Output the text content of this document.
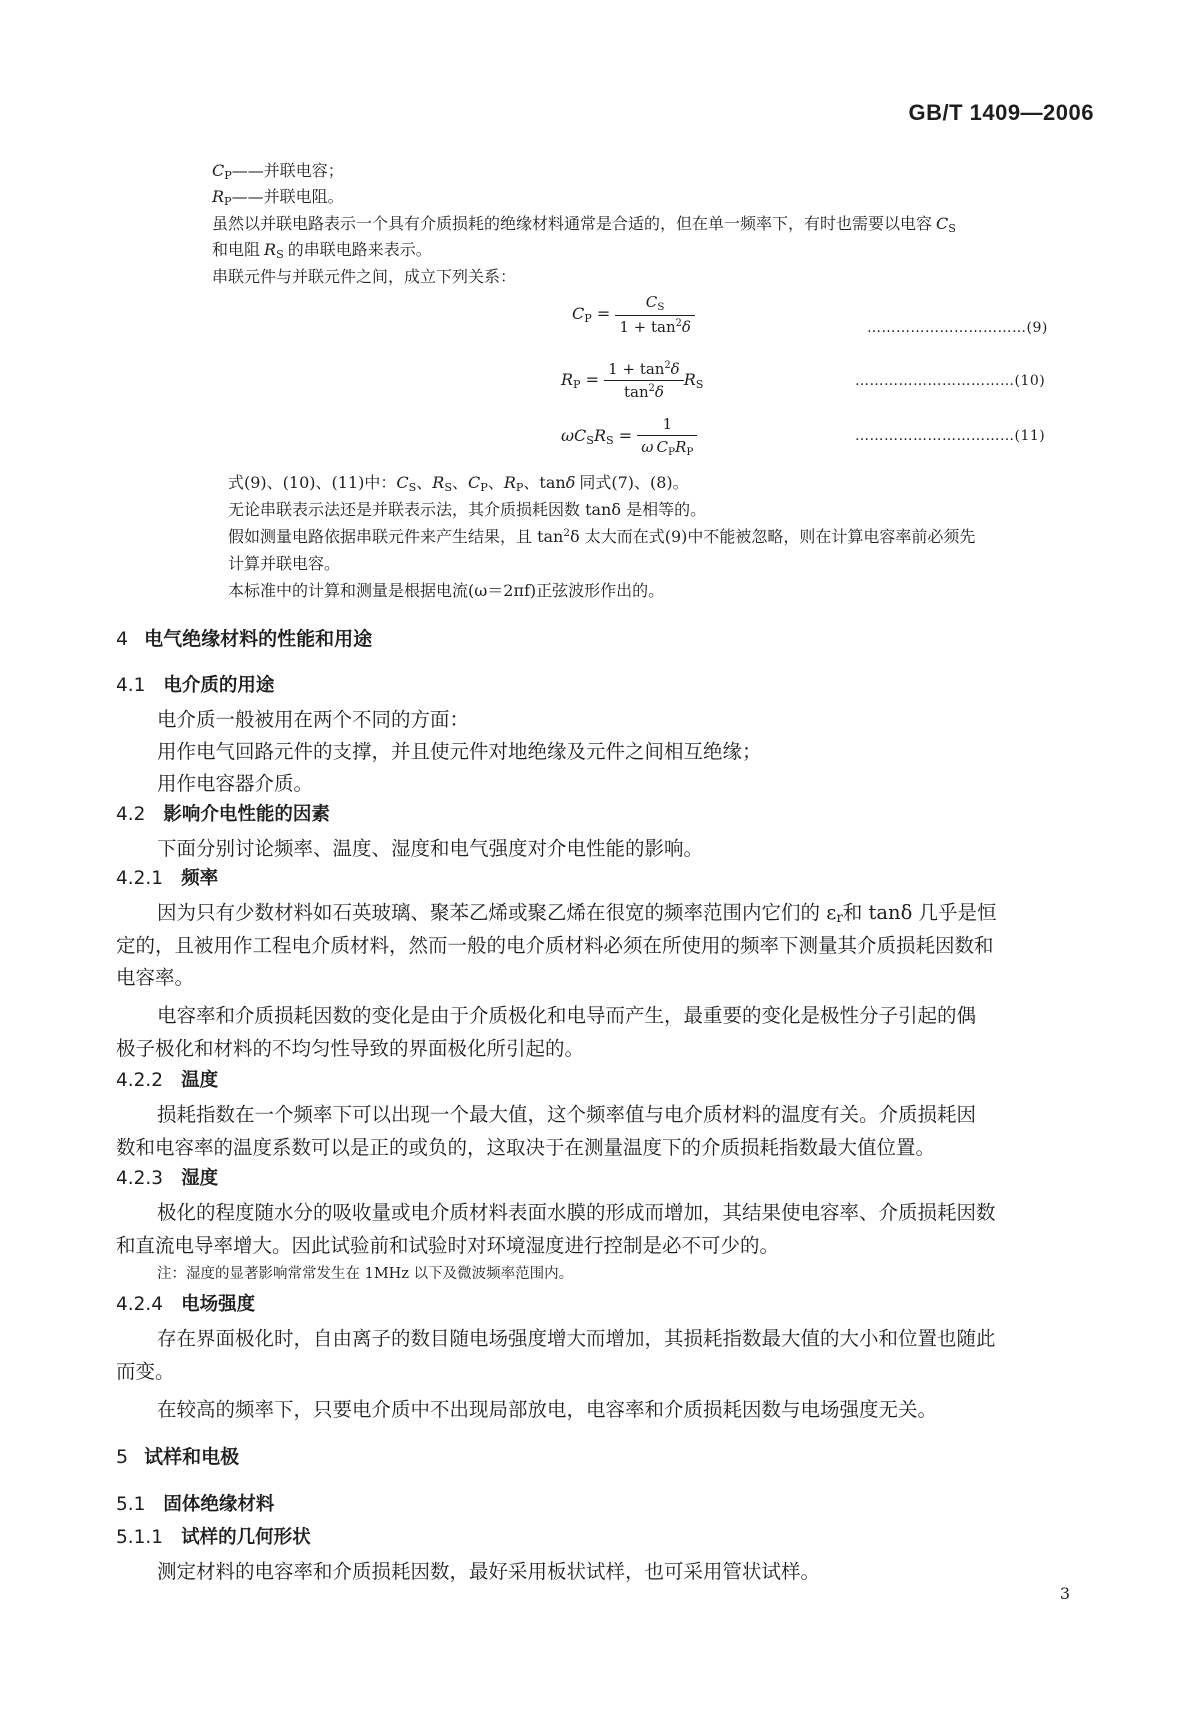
GB/T 1409—2006
$C_P——$并联电容；
$R_P——$并联电阻。
虽然以并联电路表示一个具有介质损耗的绝缘材料通常是合适的，但在单一频率下，有时也需要以电容 $C_S$
和电阻 $R_S$ 的串联电路来表示。
串联元件与并联元件之间，成立下列关系：
$C_P = \frac{C_S}{1 + \tan^2\delta}$	……………………………(9)
$R_P = \frac{1 + \tan^2\delta}{\tan^2\delta} R_S$	……………………………(10)
$\omega C_SR_S = \frac{1}{\omega C_PR_P}$	……………………………(11)
式(9)、(10)、(11)中：$C_S$、$R_S$、$C_P$、$R_P$、tanδ 同式(7)、(8)。
无论串联表示法还是并联表示法，其介质损耗因数 tanδ 是相等的。
假如测量电路依据串联元件来产生结果，且 $\tan^2\delta$ 太大而在式(9)中不能被忽略，则在计算电容率前必须先
计算并联电容。
本标准中的计算和测量是根据电流(ω＝2πf)正弦波形作出的。
4 电气绝缘材料的性能和用途
4.1 电介质的用途
电介质一般被用在两个不同的方面：
用作电气回路元件的支撑，并且使元件对地绝缘及元件之间相互绝缘；
用作电容器介质。
4.2 影响介电性能的因素
下面分别讨论频率、温度、湿度和电气强度对介电性能的影响。
4.2.1 频率
因为只有少数材料如石英玻璃、聚苯乙烯或聚乙烯在很宽的频率范围内它们的 $\varepsilon_r$和 tanδ 几乎是恒
定的，且被用作工程电介质材料，然而一般的电介质材料必须在所使用的频率下测量其介质损耗因数和
电容率。
电容率和介质损耗因数的变化是由于介质极化和电导而产生，最重要的变化是极性分子引起的偶
极子极化和材料的不均匀性导致的界面极化所引起的。
4.2.2 温度
损耗指数在一个频率下可以出现一个最大值，这个频率值与电介质材料的温度有关。介质损耗因
数和电容率的温度系数可以是正的或负的，这取决于在测量温度下的介质损耗指数最大值位置。
4.2.3 湿度
极化的程度随水分的吸收量或电介质材料表面水膜的形成而增加，其结果使电容率、介质损耗因数
和直流电导率增大。因此试验前和试验时对环境湿度进行控制是必不可少的。
注：湿度的显著影响常常发生在 1MHz 以下及微波频率范围内。
4.2.4 电场强度
存在界面极化时，自由离子的数目随电场强度增大而增加，其损耗指数最大值的大小和位置也随此
而变。
在较高的频率下，只要电介质中不出现局部放电，电容率和介质损耗因数与电场强度无关。
5 试样和电极
5.1 固体绝缘材料
5.1.1 试样的几何形状
测定材料的电容率和介质损耗因数，最好采用板状试样，也可采用管状试样。
3
